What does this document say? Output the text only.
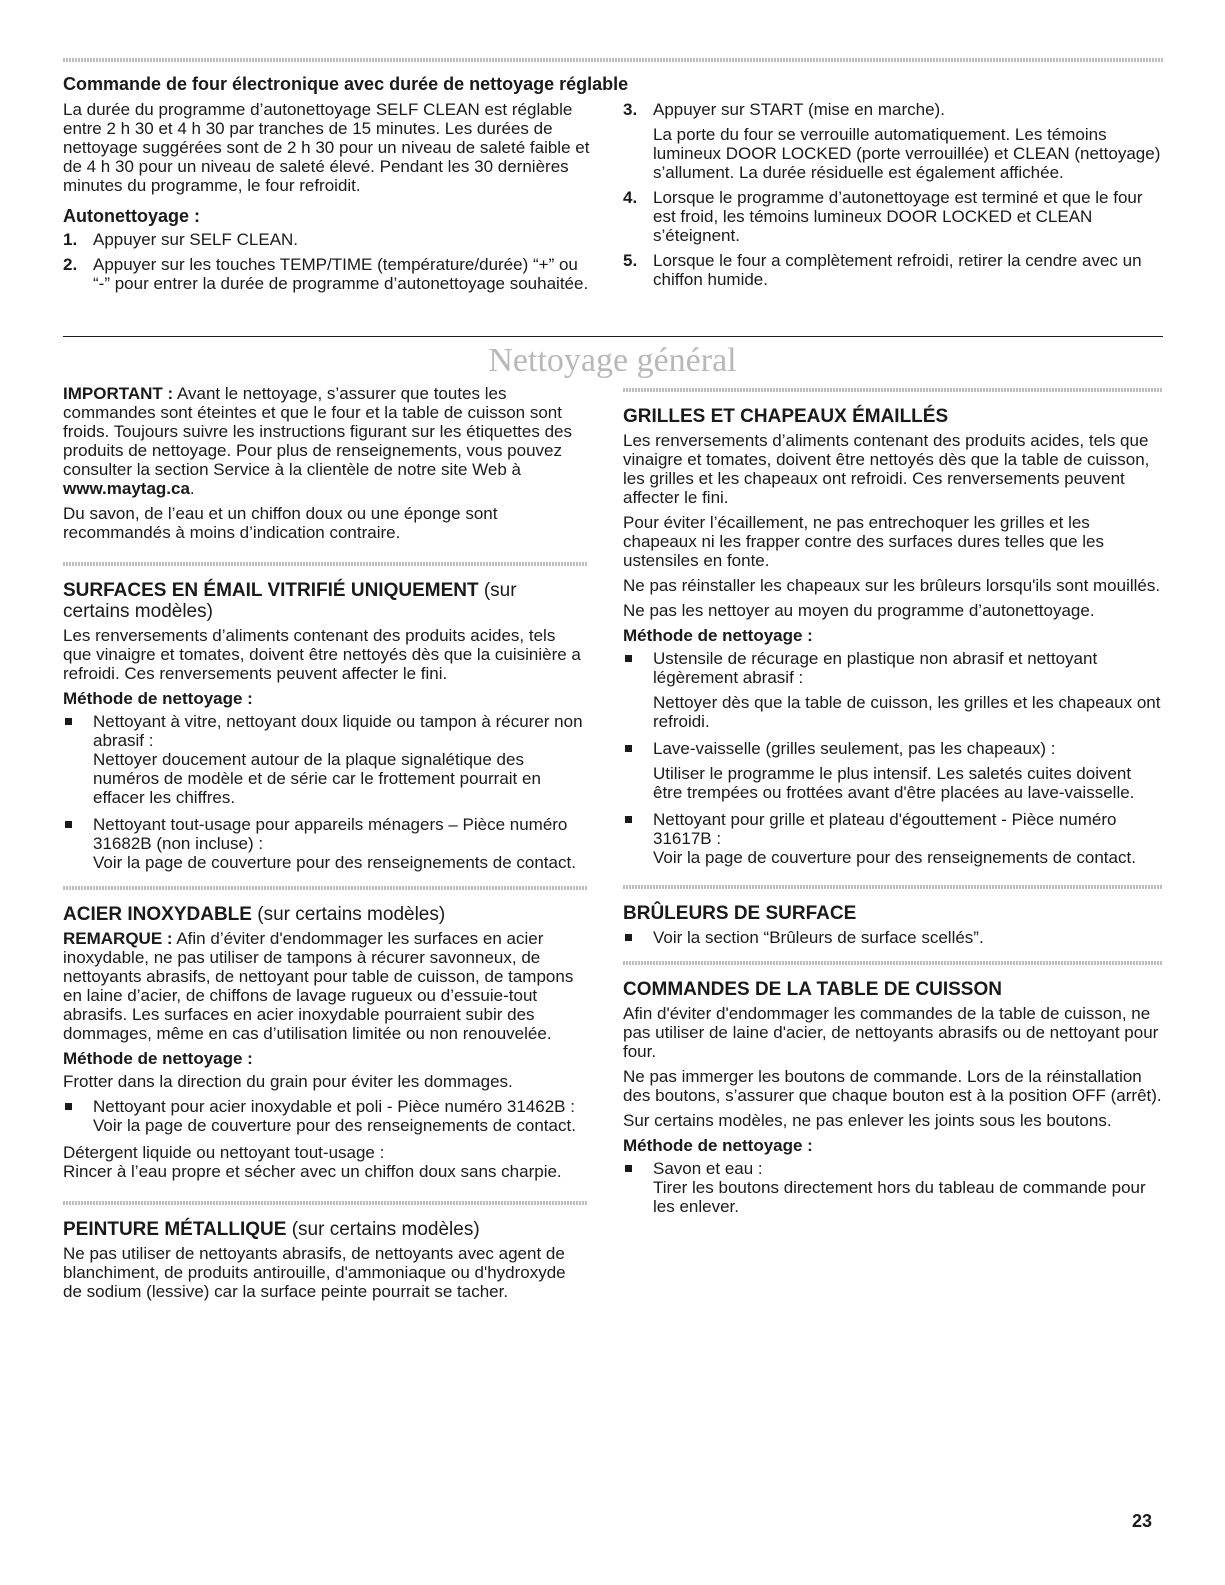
Commande de four électronique avec durée de nettoyage réglable

La durée du programme d’autonettoyage SELF CLEAN est réglable entre 2 h 30 et 4 h 30 par tranches de 15 minutes. Les durées de nettoyage suggérées sont de 2 h 30 pour un niveau de saleté faible et de 4 h 30 pour un niveau de saleté élevé. Pendant les 30 dernières minutes du programme, le four refroidit.

Autonettoyage :
1. Appuyer sur SELF CLEAN.
2. Appuyer sur les touches TEMP/TIME (température/durée) “+” ou “-” pour entrer la durée de programme d’autonettoyage souhaitée.
3. Appuyer sur START (mise en marche).
La porte du four se verrouille automatiquement. Les témoins lumineux DOOR LOCKED (porte verrouillée) et CLEAN (nettoyage) s’allument. La durée résiduelle est également affichée.
4. Lorsque le programme d’autonettoyage est terminé et que le four est froid, les témoins lumineux DOOR LOCKED et CLEAN s’éteignent.
5. Lorsque le four a complètement refroidi, retirer la cendre avec un chiffon humide.
Nettoyage général

IMPORTANT : Avant le nettoyage, s’assurer que toutes les commandes sont éteintes et que le four et la table de cuisson sont froids. Toujours suivre les instructions figurant sur les étiquettes des produits de nettoyage. Pour plus de renseignements, vous pouvez consulter la section Service à la clientèle de notre site Web à www.maytag.ca.

Du savon, de l’eau et un chiffon doux ou une éponge sont recommandés à moins d’indication contraire.

SURFACES EN ÉMAIL VITRIFIÉ UNIQUEMENT (sur certains modèles)

Les renversements d’aliments contenant des produits acides, tels que vinaigre et tomates, doivent être nettoyés dès que la cuisinière a refroidi. Ces renversements peuvent affecter le fini.

Méthode de nettoyage :
Nettoyant à vitre, nettoyant doux liquide ou tampon à récurer non abrasif :
Nettoyer doucement autour de la plaque signalétique des numéros de modèle et de série car le frottement pourrait en effacer les chiffres.
Nettoyant tout-usage pour appareils ménagers – Pièce numéro 31682B (non incluse) :
Voir la page de couverture pour des renseignements de contact.
ACIER INOXYDABLE (sur certains modèles)

REMARQUE : Afin d’éviter d'endommager les surfaces en acier inoxydable, ne pas utiliser de tampons à récurer savonneux, de nettoyants abrasifs, de nettoyant pour table de cuisson, de tampons en laine d’acier, de chiffons de lavage rugueux ou d’essuie-tout abrasifs. Les surfaces en acier inoxydable pourraient subir des dommages, même en cas d’utilisation limitée ou non renouvelée.

Méthode de nettoyage :

Frotter dans la direction du grain pour éviter les dommages.

Nettoyant pour acier inoxydable et poli - Pièce numéro 31462B :
Voir la page de couverture pour des renseignements de contact.
Détergent liquide ou nettoyant tout-usage :
Rincer à l’eau propre et sécher avec un chiffon doux sans charpie.
PEINTURE MÉTALLIQUE (sur certains modèles)

Ne pas utiliser de nettoyants abrasifs, de nettoyants avec agent de blanchiment, de produits antirouille, d'ammoniaque ou d'hydroxyde de sodium (lessive) car la surface peinte pourrait se tacher.

GRILLES ET CHAPEAUX ÉMAILLÉS

Les renversements d’aliments contenant des produits acides, tels que vinaigre et tomates, doivent être nettoyés dès que la table de cuisson, les grilles et les chapeaux ont refroidi. Ces renversements peuvent affecter le fini.

Pour éviter l’écaillement, ne pas entrechoquer les grilles et les chapeaux ni les frapper contre des surfaces dures telles que les ustensiles en fonte.

Ne pas réinstaller les chapeaux sur les brûleurs lorsqu'ils sont mouillés.

Ne pas les nettoyer au moyen du programme d’autonettoyage.

Méthode de nettoyage :
Ustensile de récurage en plastique non abrasif et nettoyant légèrement abrasif :
Nettoyer dès que la table de cuisson, les grilles et les chapeaux ont refroidi.
Lave-vaisselle (grilles seulement, pas les chapeaux) :
Utiliser le programme le plus intensif. Les saletés cuites doivent être trempées ou frottées avant d'être placées au lave-vaisselle.
Nettoyant pour grille et plateau d'égouttement - Pièce numéro 31617B :
Voir la page de couverture pour des renseignements de contact.
BRÛLEURS DE SURFACE
Voir la section “Brûleurs de surface scellés”.
COMMANDES DE LA TABLE DE CUISSON

Afin d'éviter d'endommager les commandes de la table de cuisson, ne pas utiliser de laine d'acier, de nettoyants abrasifs ou de nettoyant pour four.

Ne pas immerger les boutons de commande. Lors de la réinstallation des boutons, s’assurer que chaque bouton est à la position OFF (arrêt).

Sur certains modèles, ne pas enlever les joints sous les boutons.

Méthode de nettoyage :
Savon et eau :
Tirer les boutons directement hors du tableau de commande pour les enlever.
23
